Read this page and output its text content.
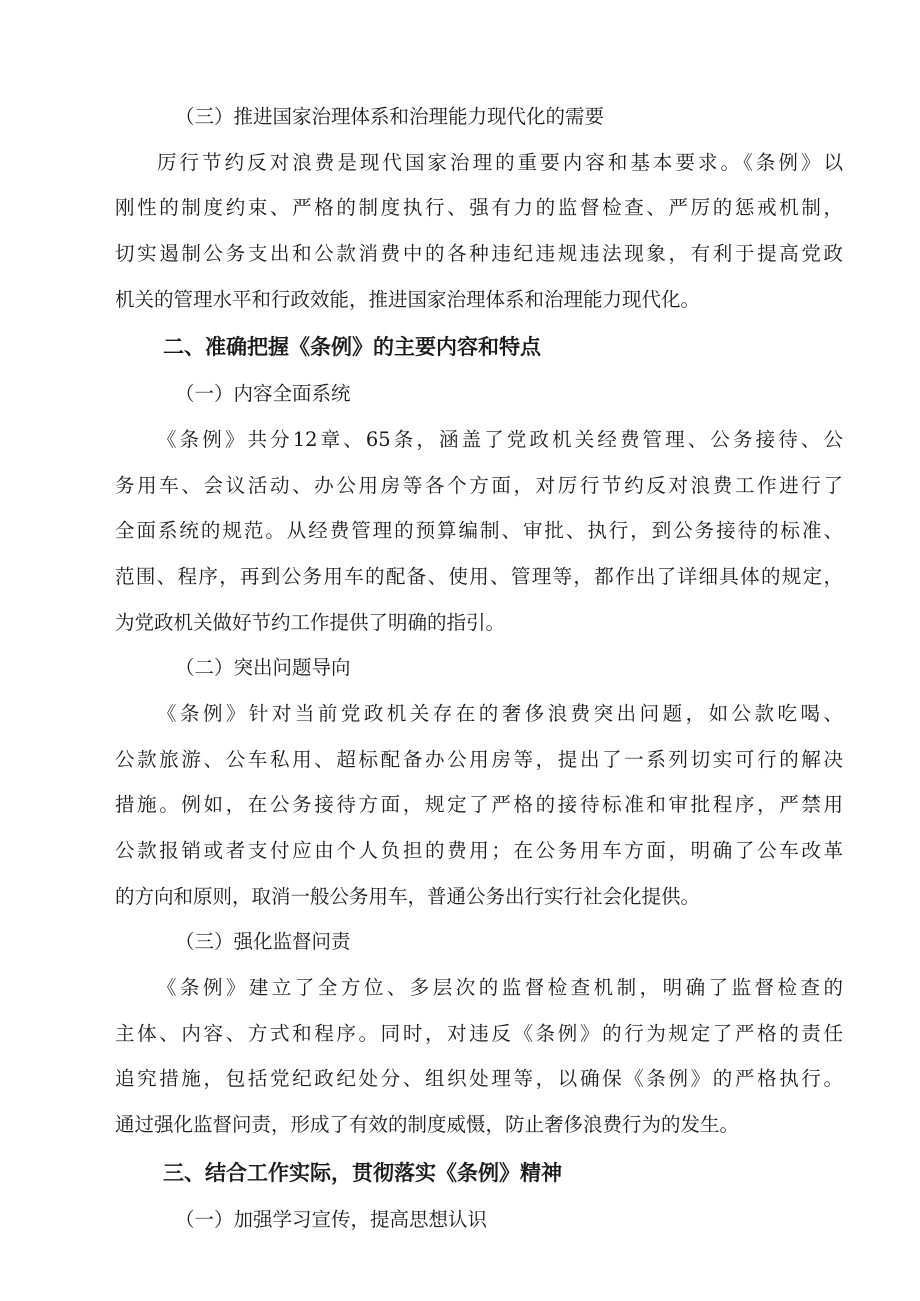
（三）推进国家治理体系和治理能力现代化的需要
厉行节约反对浪费是现代国家治理的重要内容和基本要求。《条例》以
刚性的制度约束、严格的制度执行、强有力的监督检查、严厉的惩戒机制，
切实遏制公务支出和公款消费中的各种违纪违规违法现象，有利于提高党政
机关的管理水平和行政效能，推进国家治理体系和治理能力现代化。
二、准确把握《条例》的主要内容和特点
（一）内容全面系统
《条例》共分12章、65条，涵盖了党政机关经费管理、公务接待、公
务用车、会议活动、办公用房等各个方面，对厉行节约反对浪费工作进行了
全面系统的规范。从经费管理的预算编制、审批、执行，到公务接待的标准、
范围、程序，再到公务用车的配备、使用、管理等，都作出了详细具体的规定，
为党政机关做好节约工作提供了明确的指引。
（二）突出问题导向
《条例》针对当前党政机关存在的奢侈浪费突出问题，如公款吃喝、
公款旅游、公车私用、超标配备办公用房等，提出了一系列切实可行的解决
措施。例如，在公务接待方面，规定了严格的接待标准和审批程序，严禁用
公款报销或者支付应由个人负担的费用；在公务用车方面，明确了公车改革
的方向和原则，取消一般公务用车，普通公务出行实行社会化提供。
（三）强化监督问责
《条例》建立了全方位、多层次的监督检查机制，明确了监督检查的
主体、内容、方式和程序。同时，对违反《条例》的行为规定了严格的责任
追究措施，包括党纪政纪处分、组织处理等，以确保《条例》的严格执行。
通过强化监督问责，形成了有效的制度威慑，防止奢侈浪费行为的发生。
三、结合工作实际，贯彻落实《条例》精神
（一）加强学习宣传，提高思想认识
